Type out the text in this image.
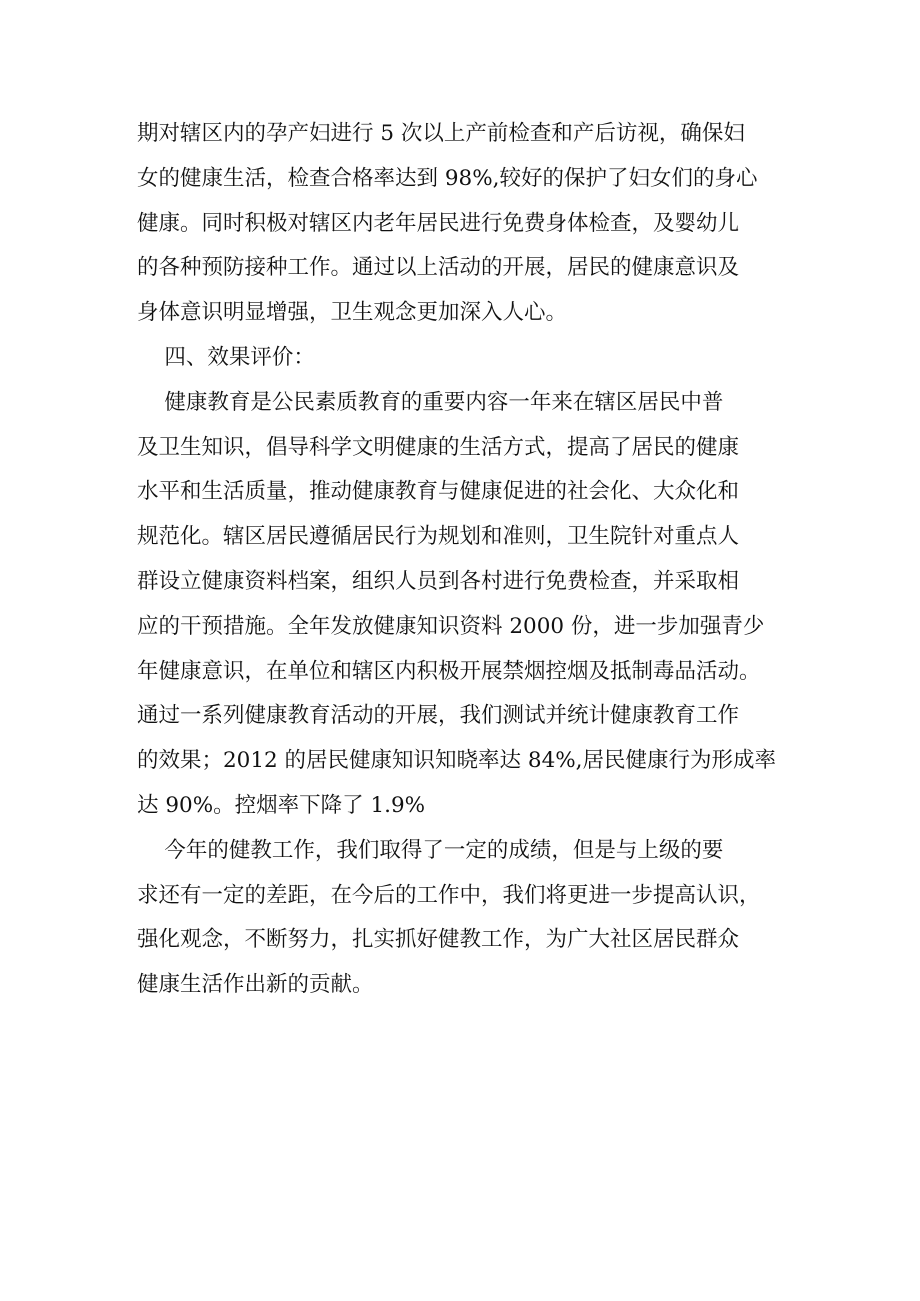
期对辖区内的孕产妇进行 5 次以上产前检查和产后访视，确保妇
女的健康生活，检查合格率达到 98%,较好的保护了妇女们的身心
健康。同时积极对辖区内老年居民进行免费身体检查，及婴幼儿
的各种预防接种工作。通过以上活动的开展，居民的健康意识及
身体意识明显增强，卫生观念更加深入人心。
四、效果评价：
健康教育是公民素质教育的重要内容一年来在辖区居民中普
及卫生知识，倡导科学文明健康的生活方式，提高了居民的健康
水平和生活质量，推动健康教育与健康促进的社会化、大众化和
规范化。辖区居民遵循居民行为规划和准则，卫生院针对重点人
群设立健康资料档案，组织人员到各村进行免费检查，并采取相
应的干预措施。全年发放健康知识资料 2000 份，进一步加强青少
年健康意识，在单位和辖区内积极开展禁烟控烟及抵制毒品活动。
通过一系列健康教育活动的开展，我们测试并统计健康教育工作
的效果；2012 的居民健康知识知晓率达 84%,居民健康行为形成率
达 90%。控烟率下降了 1.9%
今年的健教工作，我们取得了一定的成绩，但是与上级的要
求还有一定的差距，在今后的工作中，我们将更进一步提高认识，
强化观念，不断努力，扎实抓好健教工作，为广大社区居民群众
健康生活作出新的贡献。
